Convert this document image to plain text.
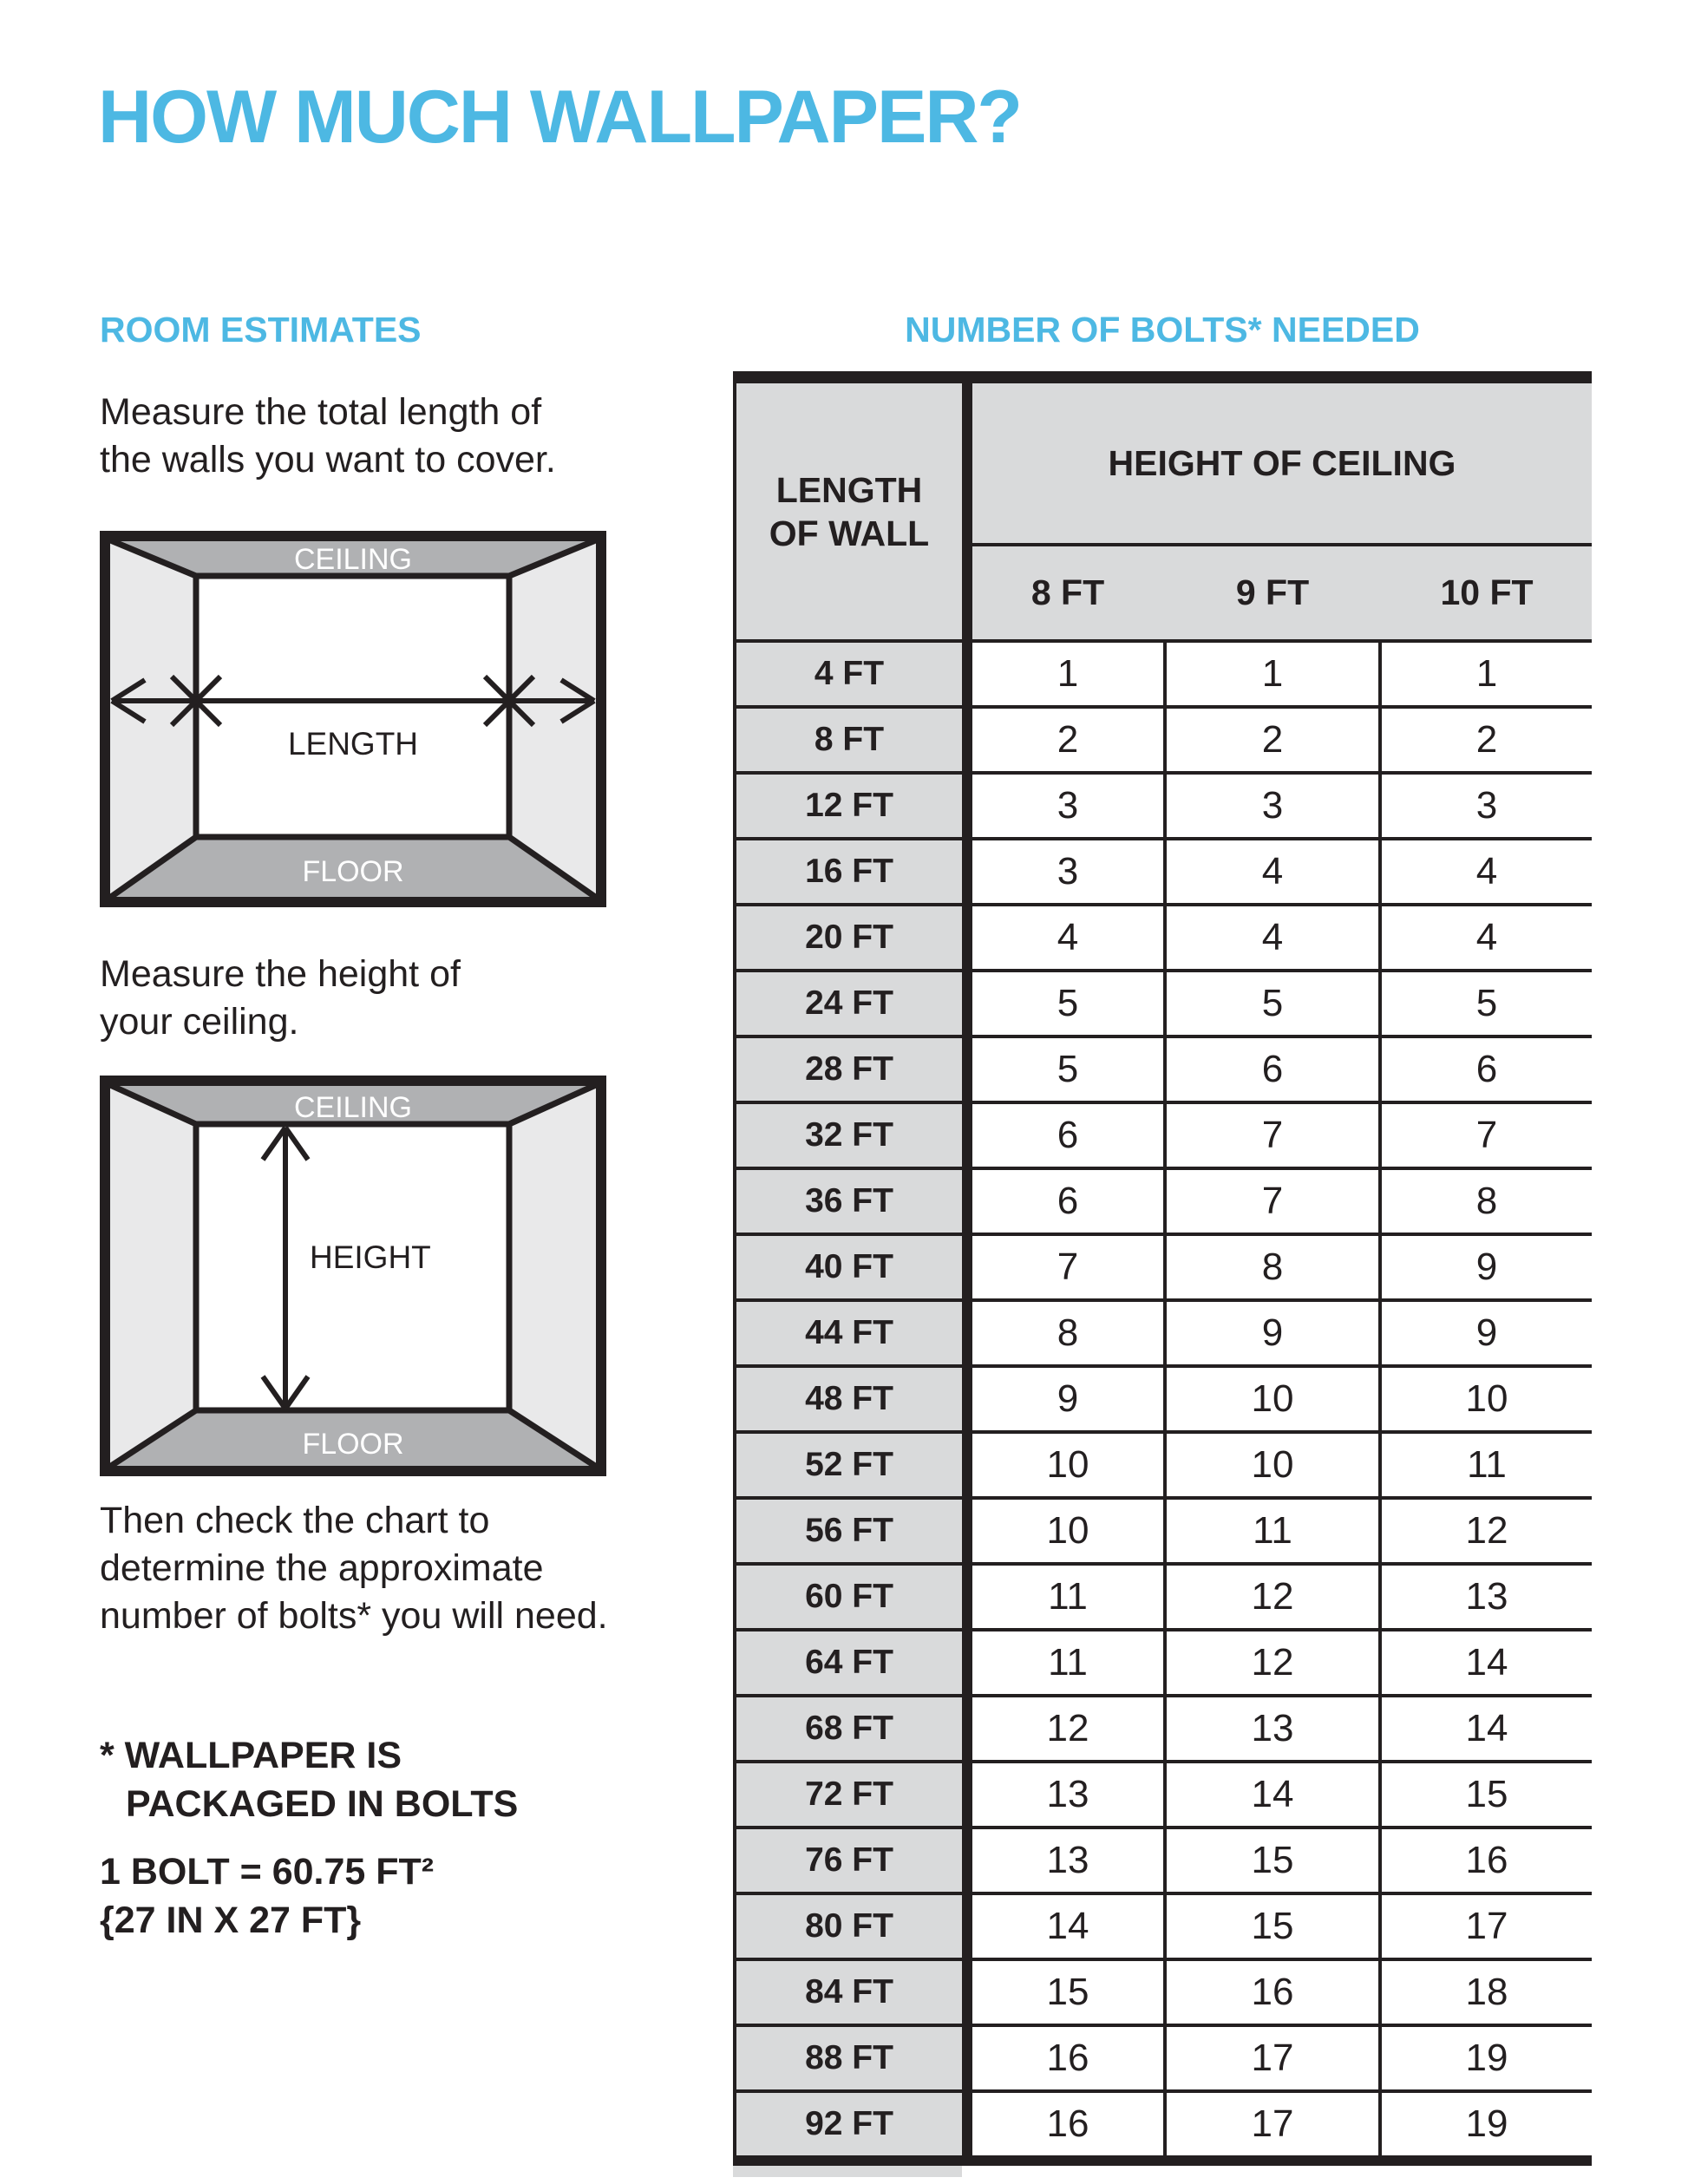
HOW MUCH WALLPAPER?
ROOM ESTIMATES	NUMBER OF BOLTS* NEEDED
Measure the total length of
the walls you want to cover.
CEILING
FLOOR
LENGTH
Measure the height of
your ceiling.
CEILING
FLOOR
HEIGHT
Then check the chart to
determine the approximate
number of bolts* you will need.
* WALLPAPER IS
PACKAGED IN BOLTS
1 BOLT = 60.75 FT²
{27 IN X 27 FT}
LENGTH OF WALL
HEIGHT OF CEILING
8 FT	9 FT	10 FT
4 FT	1	1	1
8 FT	2	2	2
12 FT	3	3	3
16 FT	3	4	4
20 FT	4	4	4
24 FT	5	5	5
28 FT	5	6	6
32 FT	6	7	7
36 FT	6	7	8
40 FT	7	8	9
44 FT	8	9	9
48 FT	9	10	10
52 FT	10	10	11
56 FT	10	11	12
60 FT	11	12	13
64 FT	11	12	14
68 FT	12	13	14
72 FT	13	14	15
76 FT	13	15	16
80 FT	14	15	17
84 FT	15	16	18
88 FT	16	17	19
92 FT	16	17	19
